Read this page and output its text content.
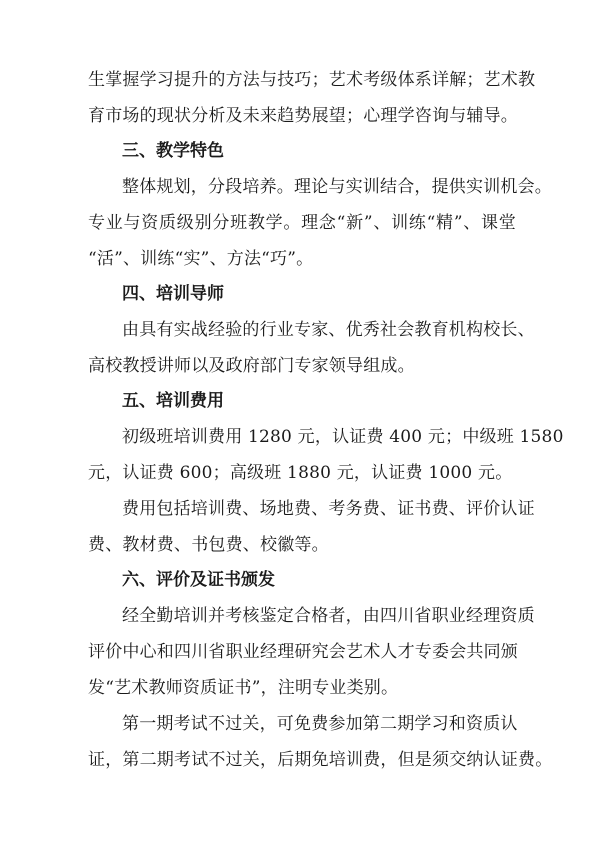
生掌握学习提升的方法与技巧；艺术考级体系详解；艺术教
育市场的现状分析及未来趋势展望；心理学咨询与辅导。
三、教学特色
整体规划，分段培养。理论与实训结合，提供实训机会。
专业与资质级别分班教学。理念“新”、训练“精”、课堂
“活”、训练“实”、方法“巧”。
四、培训导师
由具有实战经验的行业专家、优秀社会教育机构校长、
高校教授讲师以及政府部门专家领导组成。
五、培训费用
初级班培训费用 1280 元，认证费 400 元；中级班 1580
元，认证费 600；高级班 1880 元，认证费 1000 元。
费用包括培训费、场地费、考务费、证书费、评价认证
费、教材费、书包费、校徽等。
六、评价及证书颁发
经全勤培训并考核鉴定合格者，由四川省职业经理资质
评价中心和四川省职业经理研究会艺术人才专委会共同颁
发“艺术教师资质证书”，注明专业类别。
第一期考试不过关，可免费参加第二期学习和资质认
证，第二期考试不过关，后期免培训费，但是须交纳认证费。
